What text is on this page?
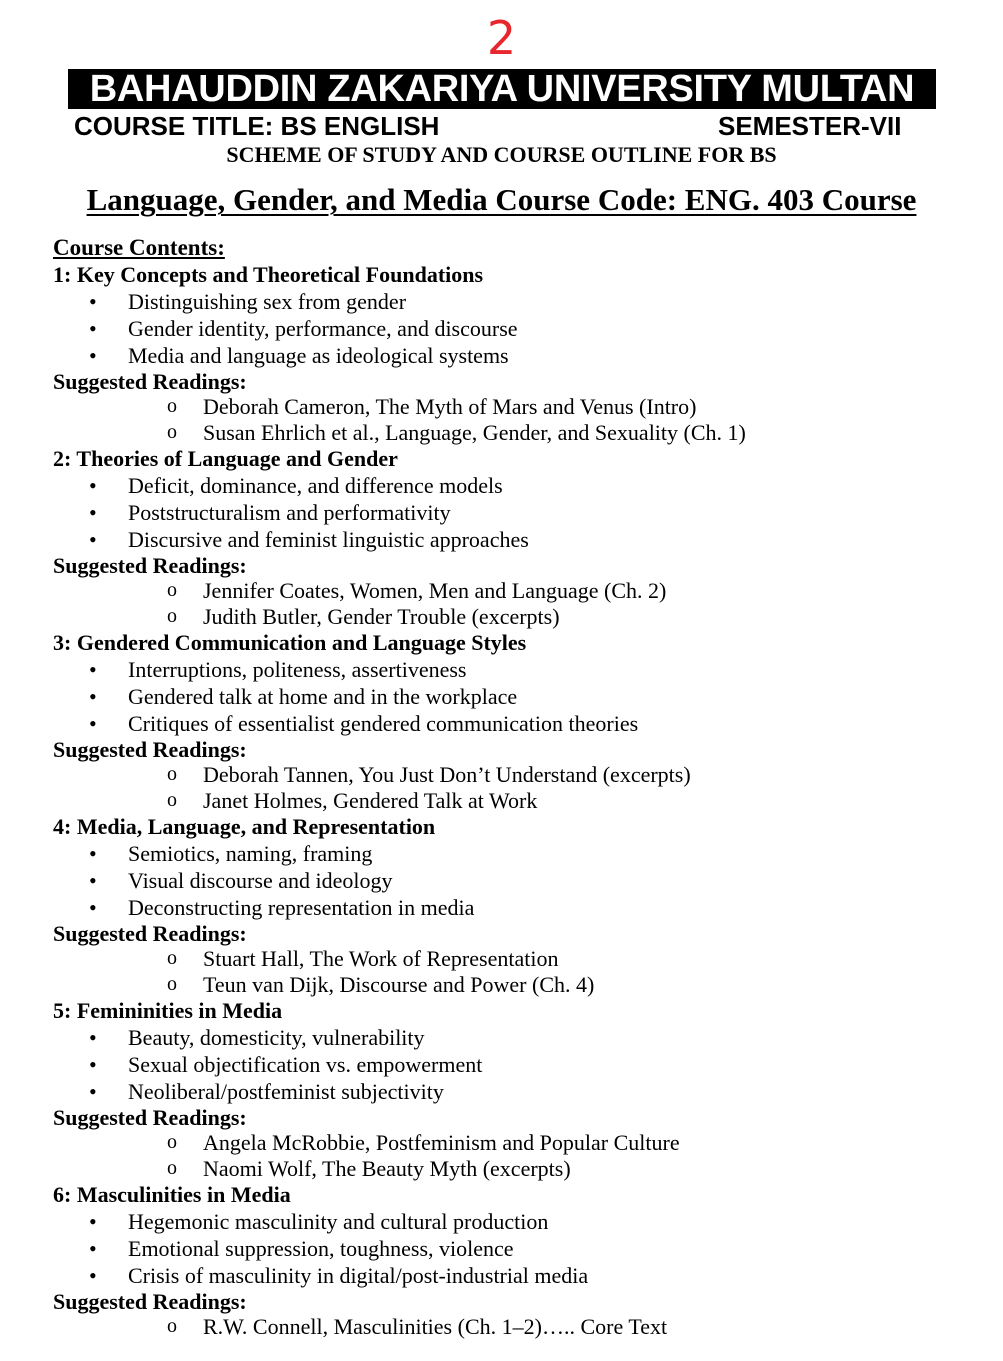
2
BAHAUDDIN ZAKARIYA UNIVERSITY MULTAN
COURSE TITLE: BS ENGLISH	SEMESTER-VII
SCHEME OF STUDY AND COURSE OUTLINE FOR BS
Language, Gender, and Media Course Code: ENG. 403 Course
Course Contents:
1: Key Concepts and Theoretical Foundations
• Distinguishing sex from gender
• Gender identity, performance, and discourse
• Media and language as ideological systems
Suggested Readings:
o Deborah Cameron, The Myth of Mars and Venus (Intro)
o Susan Ehrlich et al., Language, Gender, and Sexuality (Ch. 1)
2: Theories of Language and Gender
• Deficit, dominance, and difference models
• Poststructuralism and performativity
• Discursive and feminist linguistic approaches
Suggested Readings:
o Jennifer Coates, Women, Men and Language (Ch. 2)
o Judith Butler, Gender Trouble (excerpts)
3: Gendered Communication and Language Styles
• Interruptions, politeness, assertiveness
• Gendered talk at home and in the workplace
• Critiques of essentialist gendered communication theories
Suggested Readings:
o Deborah Tannen, You Just Don’t Understand (excerpts)
o Janet Holmes, Gendered Talk at Work
4: Media, Language, and Representation
• Semiotics, naming, framing
• Visual discourse and ideology
• Deconstructing representation in media
Suggested Readings:
o Stuart Hall, The Work of Representation
o Teun van Dijk, Discourse and Power (Ch. 4)
5: Femininities in Media
• Beauty, domesticity, vulnerability
• Sexual objectification vs. empowerment
• Neoliberal/postfeminist subjectivity
Suggested Readings:
o Angela McRobbie, Postfeminism and Popular Culture
o Naomi Wolf, The Beauty Myth (excerpts)
6: Masculinities in Media
• Hegemonic masculinity and cultural production
• Emotional suppression, toughness, violence
• Crisis of masculinity in digital/post-industrial media
Suggested Readings:
o R.W. Connell, Masculinities (Ch. 1–2)….. Core Text
